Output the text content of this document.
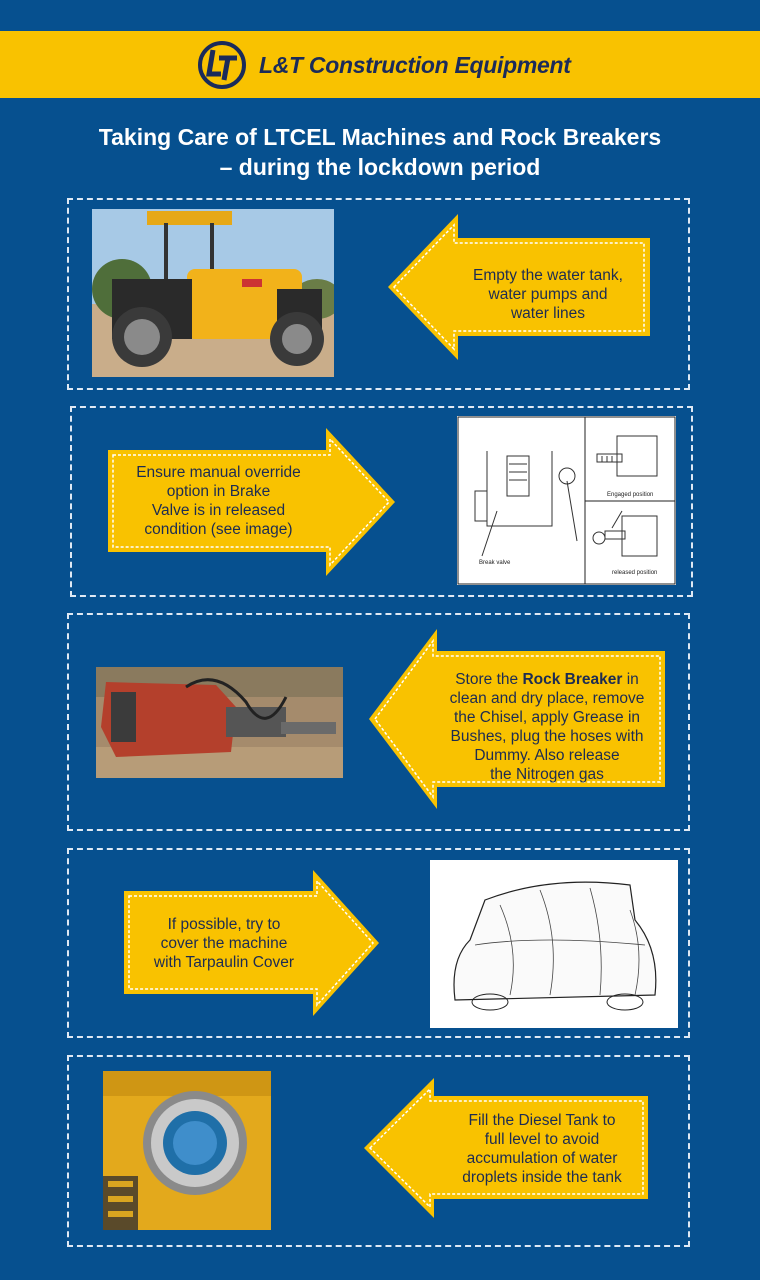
L&T Construction Equipment
Taking Care of LTCEL Machines and Rock Breakers
– during the lockdown period
Empty the water tank,
water pumps and
water lines
Ensure manual override
option in Brake
Valve is in released
condition (see image)
Break valve
Engaged position
released position

Store the Rock Breaker in
clean and dry place, remove
the Chisel, apply Grease in
Bushes, plug the hoses with
Dummy. Also release
the Nitrogen gas
If possible, try to
cover the machine
with Tarpaulin Cover
Fill the Diesel Tank to
full level to avoid
accumulation of water
droplets inside the tank
